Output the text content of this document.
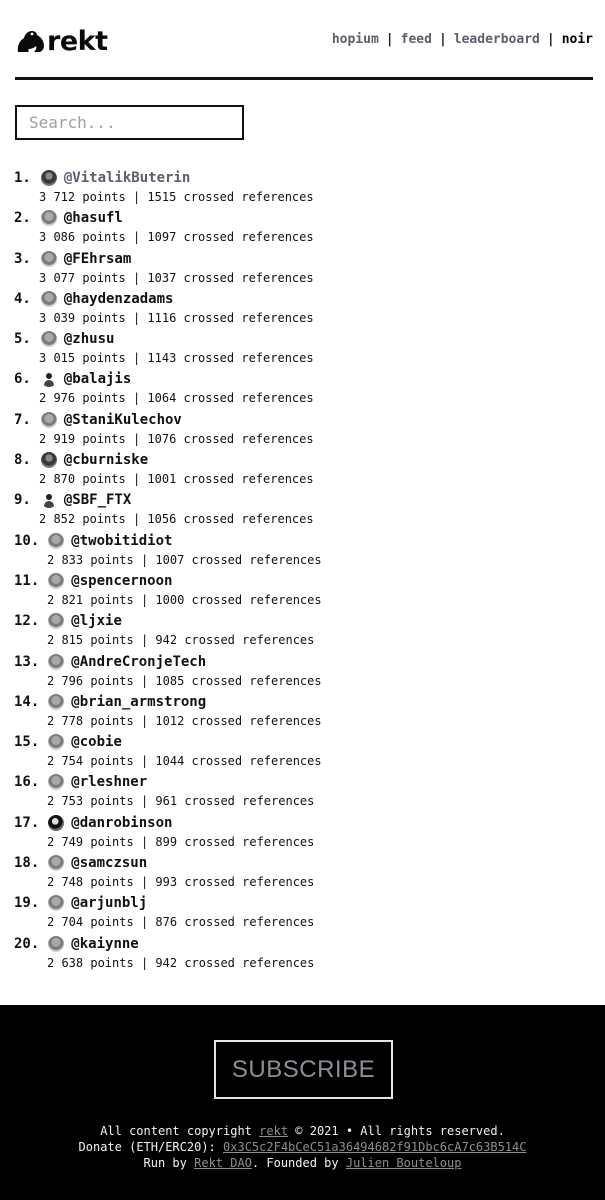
rekt	hopium | feed | leaderboard | noir
Search...
1. @VitalikButerin
3 712 points | 1515 crossed references
2. @hasufl
3 086 points | 1097 crossed references
3. @FEhrsam
3 077 points | 1037 crossed references
4. @haydenzadams
3 039 points | 1116 crossed references
5. @zhusu
3 015 points | 1143 crossed references
6. @balajis
2 976 points | 1064 crossed references
7. @StaniKulechov
2 919 points | 1076 crossed references
8. @cburniske
2 870 points | 1001 crossed references
9. @SBF_FTX
2 852 points | 1056 crossed references
10. @twobitidiot
2 833 points | 1007 crossed references
11. @spencernoon
2 821 points | 1000 crossed references
12. @ljxie
2 815 points | 942 crossed references
13. @AndreCronjeTech
2 796 points | 1085 crossed references
14. @brian_armstrong
2 778 points | 1012 crossed references
15. @cobie
2 754 points | 1044 crossed references
16. @rleshner
2 753 points | 961 crossed references
17. @danrobinson
2 749 points | 899 crossed references
18. @samczsun
2 748 points | 993 crossed references
19. @arjunblj
2 704 points | 876 crossed references
20. @kaiynne
2 638 points | 942 crossed references
SUBSCRIBE
All content copyright rekt © 2021 • All rights reserved.
Donate (ETH/ERC20): 0x3C5c2F4bCeC51a36494682f91Dbc6cA7c63B514C
Run by Rekt DAO. Founded by Julien Bouteloup
